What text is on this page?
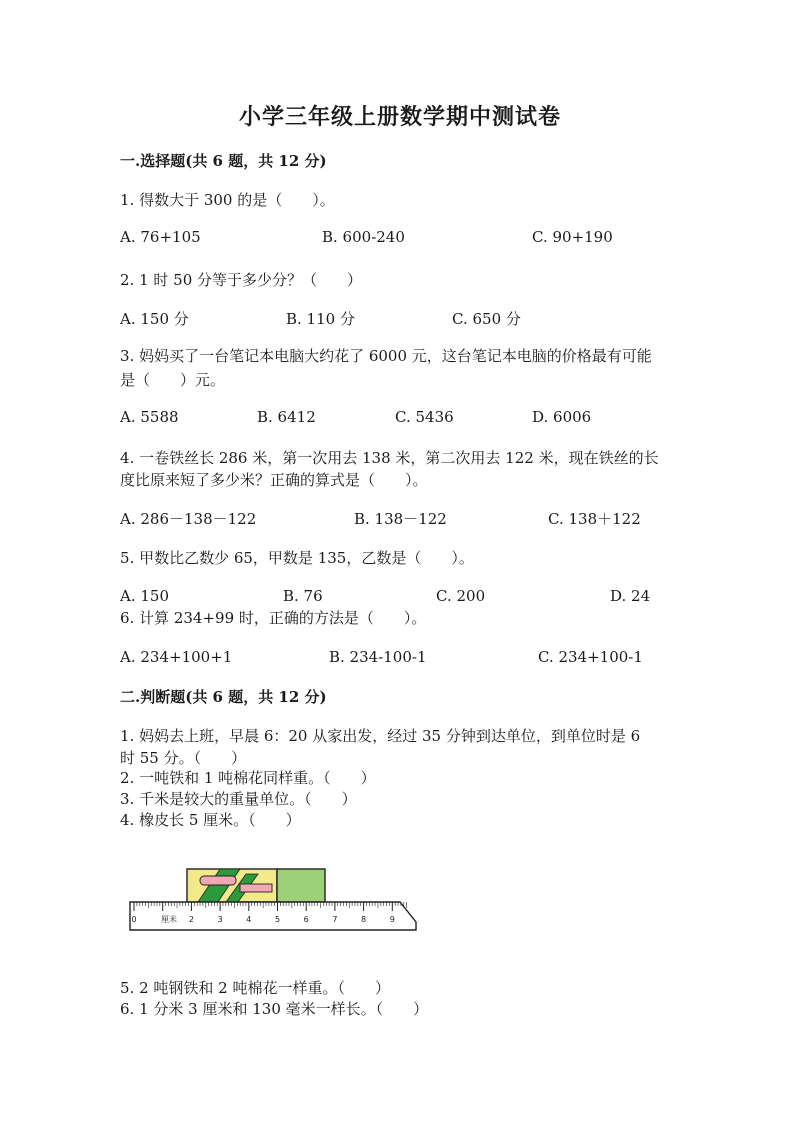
小学三年级上册数学期中测试卷
一.选择题(共 6 题，共 12 分)
1. 得数大于 300 的是（　　）。
A. 76+105	B. 600-240	C. 90+190
2. 1 时 50 分等于多少分？（　　）
A. 150 分	B. 110 分	C. 650 分
3. 妈妈买了一台笔记本电脑大约花了 6000 元，这台笔记本电脑的价格最有可能
是（　　）元。
A. 5588	B. 6412	C. 5436	D. 6006
4. 一卷铁丝长 286 米，第一次用去 138 米，第二次用去 122 米，现在铁丝的长
度比原来短了多少米？正确的算式是（　　）。
A. 286－138－122	B. 138－122	C. 138＋122
5. 甲数比乙数少 65，甲数是 135，乙数是（　　）。
A. 150	B. 76	C. 200	D. 24
6. 计算 234+99 时，正确的方法是（　　）。
A. 234+100+1	B. 234-100-1	C. 234+100-1
二.判断题(共 6 题，共 12 分)
1. 妈妈去上班，早晨 6：20 从家出发，经过 35 分钟到达单位，到单位时是 6
时 55 分。（　　）
2. 一吨铁和 1 吨棉花同样重。（　　）
3. 千米是较大的重量单位。（　　）
4. 橡皮长 5 厘米。（　　）
0	2	3	4	5	6	7	8	9
厘米
5. 2 吨钢铁和 2 吨棉花一样重。（　　）
6. 1 分米 3 厘米和 130 毫米一样长。（　　）
